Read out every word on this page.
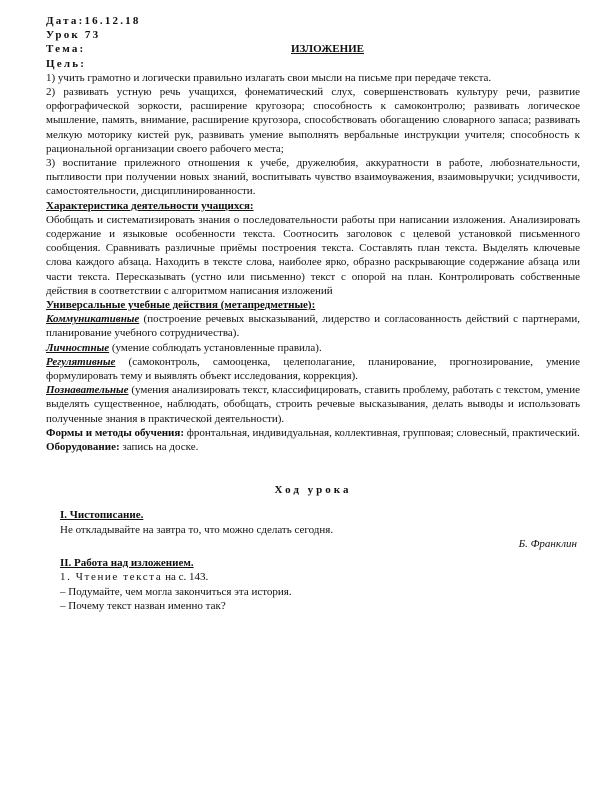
Дата:16.12.18
Урок 73
Тема:	ИЗЛОЖЕНИЕ
Цель:

1) учить грамотно и логически правильно излагать свои мысли на письме при передаче текста.

2) развивать устную речь учащихся, фонематический слух, совершенствовать культуру речи, развитие орфографической зоркости, расширение кругозора; способность к самоконтролю; развивать логическое мышление, память, внимание, расширение кругозора, способствовать обогащению словарного запаса; развивать мелкую моторику кистей рук, развивать умение выполнять вербальные инструкции учителя; способность к рациональной организации своего рабочего места;

3) воспитание прилежного отношения к учебе, дружелюбия, аккуратности в работе, любознательности, пытливости при получении новых знаний, воспитывать чувство взаимоуважения, взаимовыручки; усидчивости, самостоятельности, дисциплинированности.

Характеристика деятельности учащихся:

Обобщать и систематизировать знания о последовательности работы при написании изложения. Анализировать содержание и языковые особенности текста. Соотносить заголовок с целевой установкой письменного сообщения. Сравнивать различные приёмы построения текста. Составлять план текста. Выделять ключевые слова каждого абзаца. Находить в тексте слова, наиболее ярко, образно раскрывающие содержание абзаца или части текста. Пересказывать (устно или письменно) текст с опорой на план. Контролировать собственные действия в соответствии с алгоритмом написания изложений

Универсальные учебные действия (метапредметные):

Коммуникативные (построение речевых высказываний, лидерство и согласованность действий с партнерами, планирование учебного сотрудничества).

Личностные (умение соблюдать установленные правила).

Регулятивные (самоконтроль, самооценка, целеполагание, планирование, прогнозирование, умение формулировать тему и выявлять объект исследования, коррекция).

Познавательные (умения анализировать текст, классифицировать, ставить проблему, работать с текстом, умение выделять существенное, наблюдать, обобщать, строить речевые высказывания, делать выводы и использовать полученные знания в практической деятельности).

Формы и методы обучения: фронтальная, индивидуальная, коллективная, групповая; словесный, практический.

Оборудование: запись на доске.

Ход урока
I. Чистописание.
Не откладывайте на завтра то, что можно сделать сегодня.
Б. Франклин
II. Работа над изложением.
1. Чтение текста на с. 143.
– Подумайте, чем могла закончиться эта история.
– Почему текст назван именно так?
